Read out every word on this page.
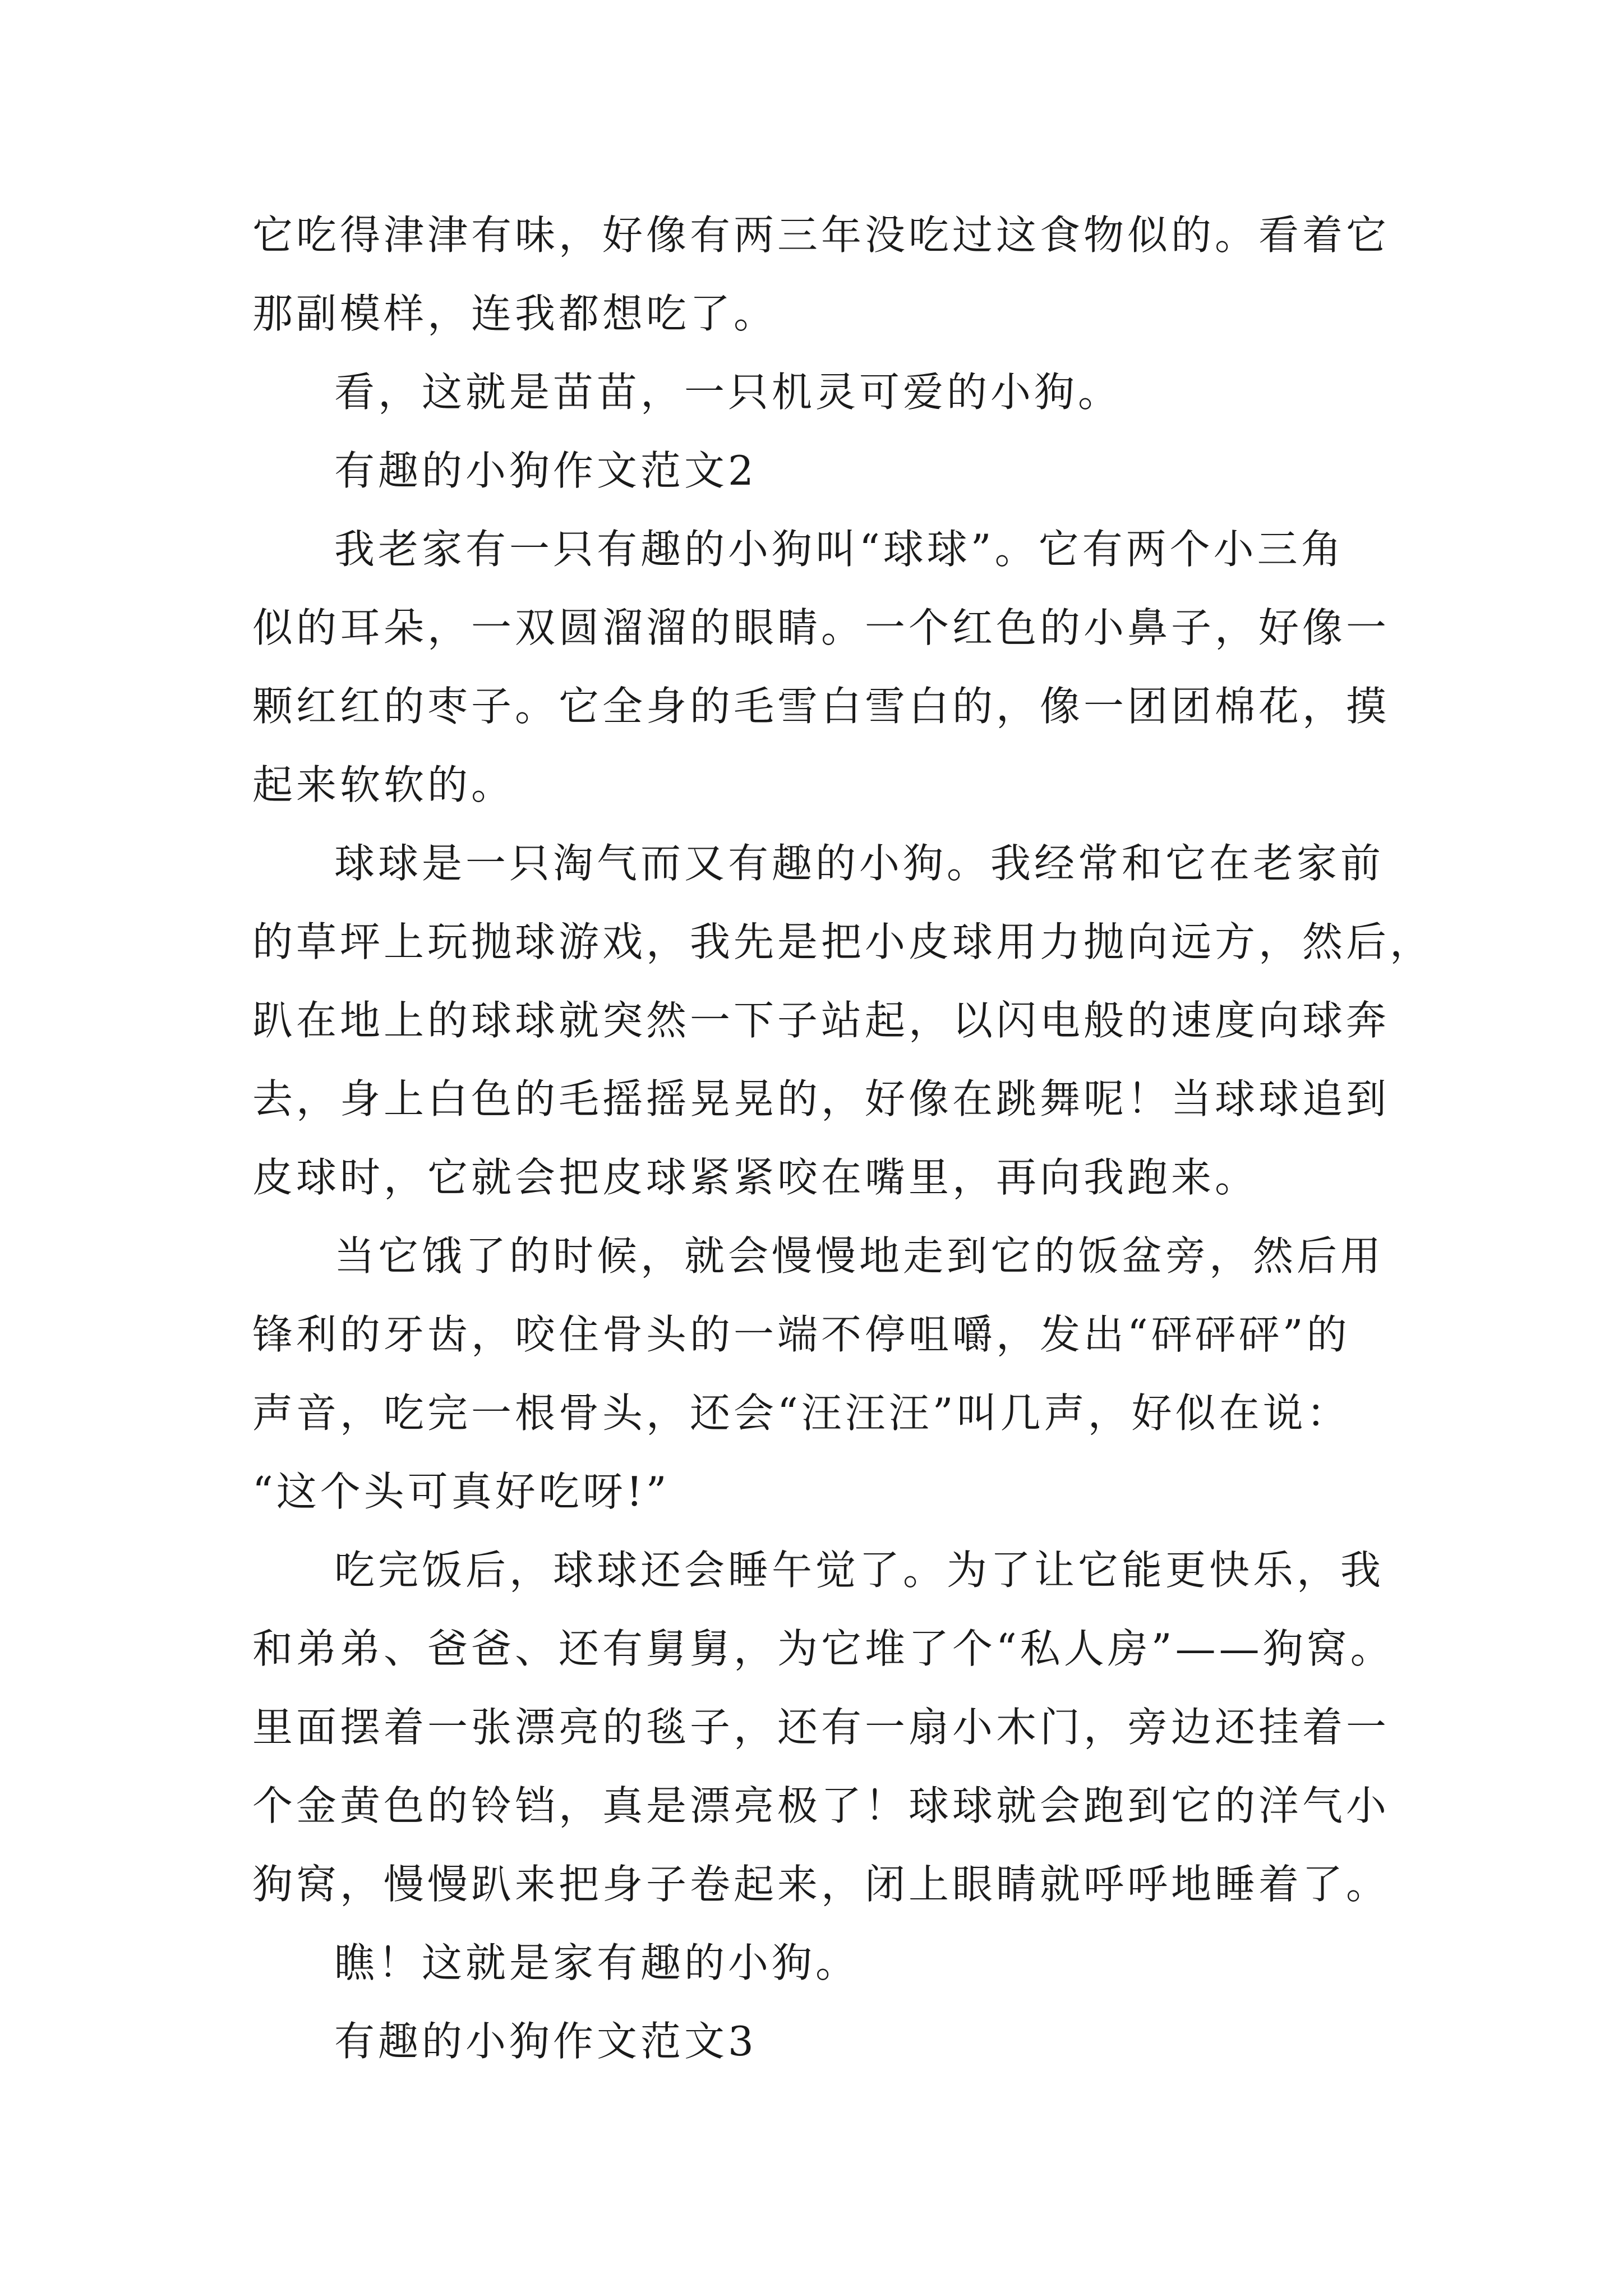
它吃得津津有味，好像有两三年没吃过这食物似的。看着它
那副模样，连我都想吃了。
看，这就是苗苗，一只机灵可爱的小狗。
有趣的小狗作文范文2
我老家有一只有趣的小狗叫“球球”。它有两个小三角
似的耳朵，一双圆溜溜的眼睛。一个红色的小鼻子，好像一
颗红红的枣子。它全身的毛雪白雪白的，像一团团棉花，摸
起来软软的。
球球是一只淘气而又有趣的小狗。我经常和它在老家前
的草坪上玩抛球游戏，我先是把小皮球用力抛向远方，然后，
趴在地上的球球就突然一下子站起，以闪电般的速度向球奔
去，身上白色的毛摇摇晃晃的，好像在跳舞呢！当球球追到
皮球时，它就会把皮球紧紧咬在嘴里，再向我跑来。
当它饿了的时候，就会慢慢地走到它的饭盆旁，然后用
锋利的牙齿，咬住骨头的一端不停咀嚼，发出“砰砰砰”的
声音，吃完一根骨头，还会“汪汪汪”叫几声，好似在说：
“这个头可真好吃呀!”
吃完饭后，球球还会睡午觉了。为了让它能更快乐，我
和弟弟、爸爸、还有舅舅，为它堆了个“私人房”——狗窝。
里面摆着一张漂亮的毯子，还有一扇小木门，旁边还挂着一
个金黄色的铃铛，真是漂亮极了！球球就会跑到它的洋气小
狗窝，慢慢趴来把身子卷起来，闭上眼睛就呼呼地睡着了。
瞧！这就是家有趣的小狗。
有趣的小狗作文范文3
